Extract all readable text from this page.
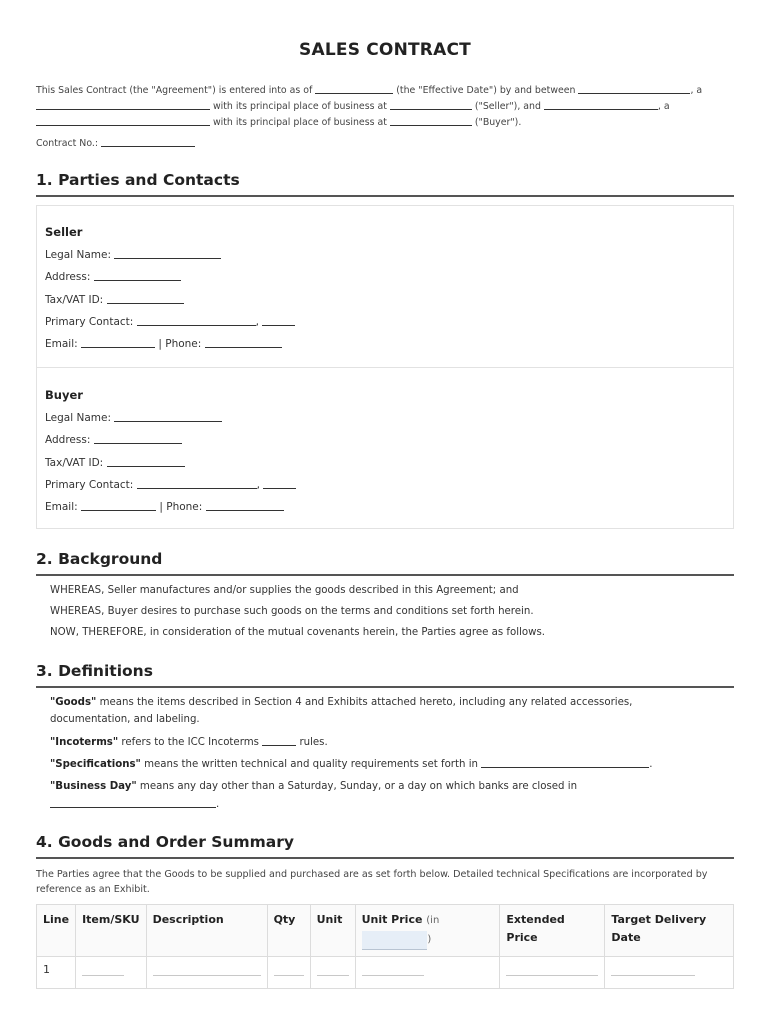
SALES CONTRACT
This Sales Contract (the "Agreement") is entered into as of	(the "Effective Date") by and between	, a
with its principal place of business at	("Seller"), and	, a
with its principal place of business at	("Buyer").
Contract No.:
1. Parties and Contacts
Seller
Legal Name:
Address:
Tax/VAT ID:
Primary Contact:	,
Email:	| Phone:
Buyer
Legal Name:
Address:
Tax/VAT ID:
Primary Contact:	,
Email:	| Phone:
2. Background
WHEREAS, Seller manufactures and/or supplies the goods described in this Agreement; and
WHEREAS, Buyer desires to purchase such goods on the terms and conditions set forth herein.
NOW, THEREFORE, in consideration of the mutual covenants herein, the Parties agree as follows.
3. Definitions
"Goods" means the items described in Section 4 and Exhibits attached hereto, including any related accessories,
documentation, and labeling.
"Incoterms" refers to the ICC Incoterms	rules.
"Specifications" means the written technical and quality requirements set forth in	.
"Business Day" means any day other than a Saturday, Sunday, or a day on which banks are closed in
.
4. Goods and Order Summary
The Parties agree that the Goods to be supplied and purchased are as set forth below. Detailed technical Specifications are incorporated by reference as an Exhibit.
Line	Item/SKU	Description	Qty	Unit	Unit Price (in
[Currency] )	Extended Price	Target Delivery Date
1	
